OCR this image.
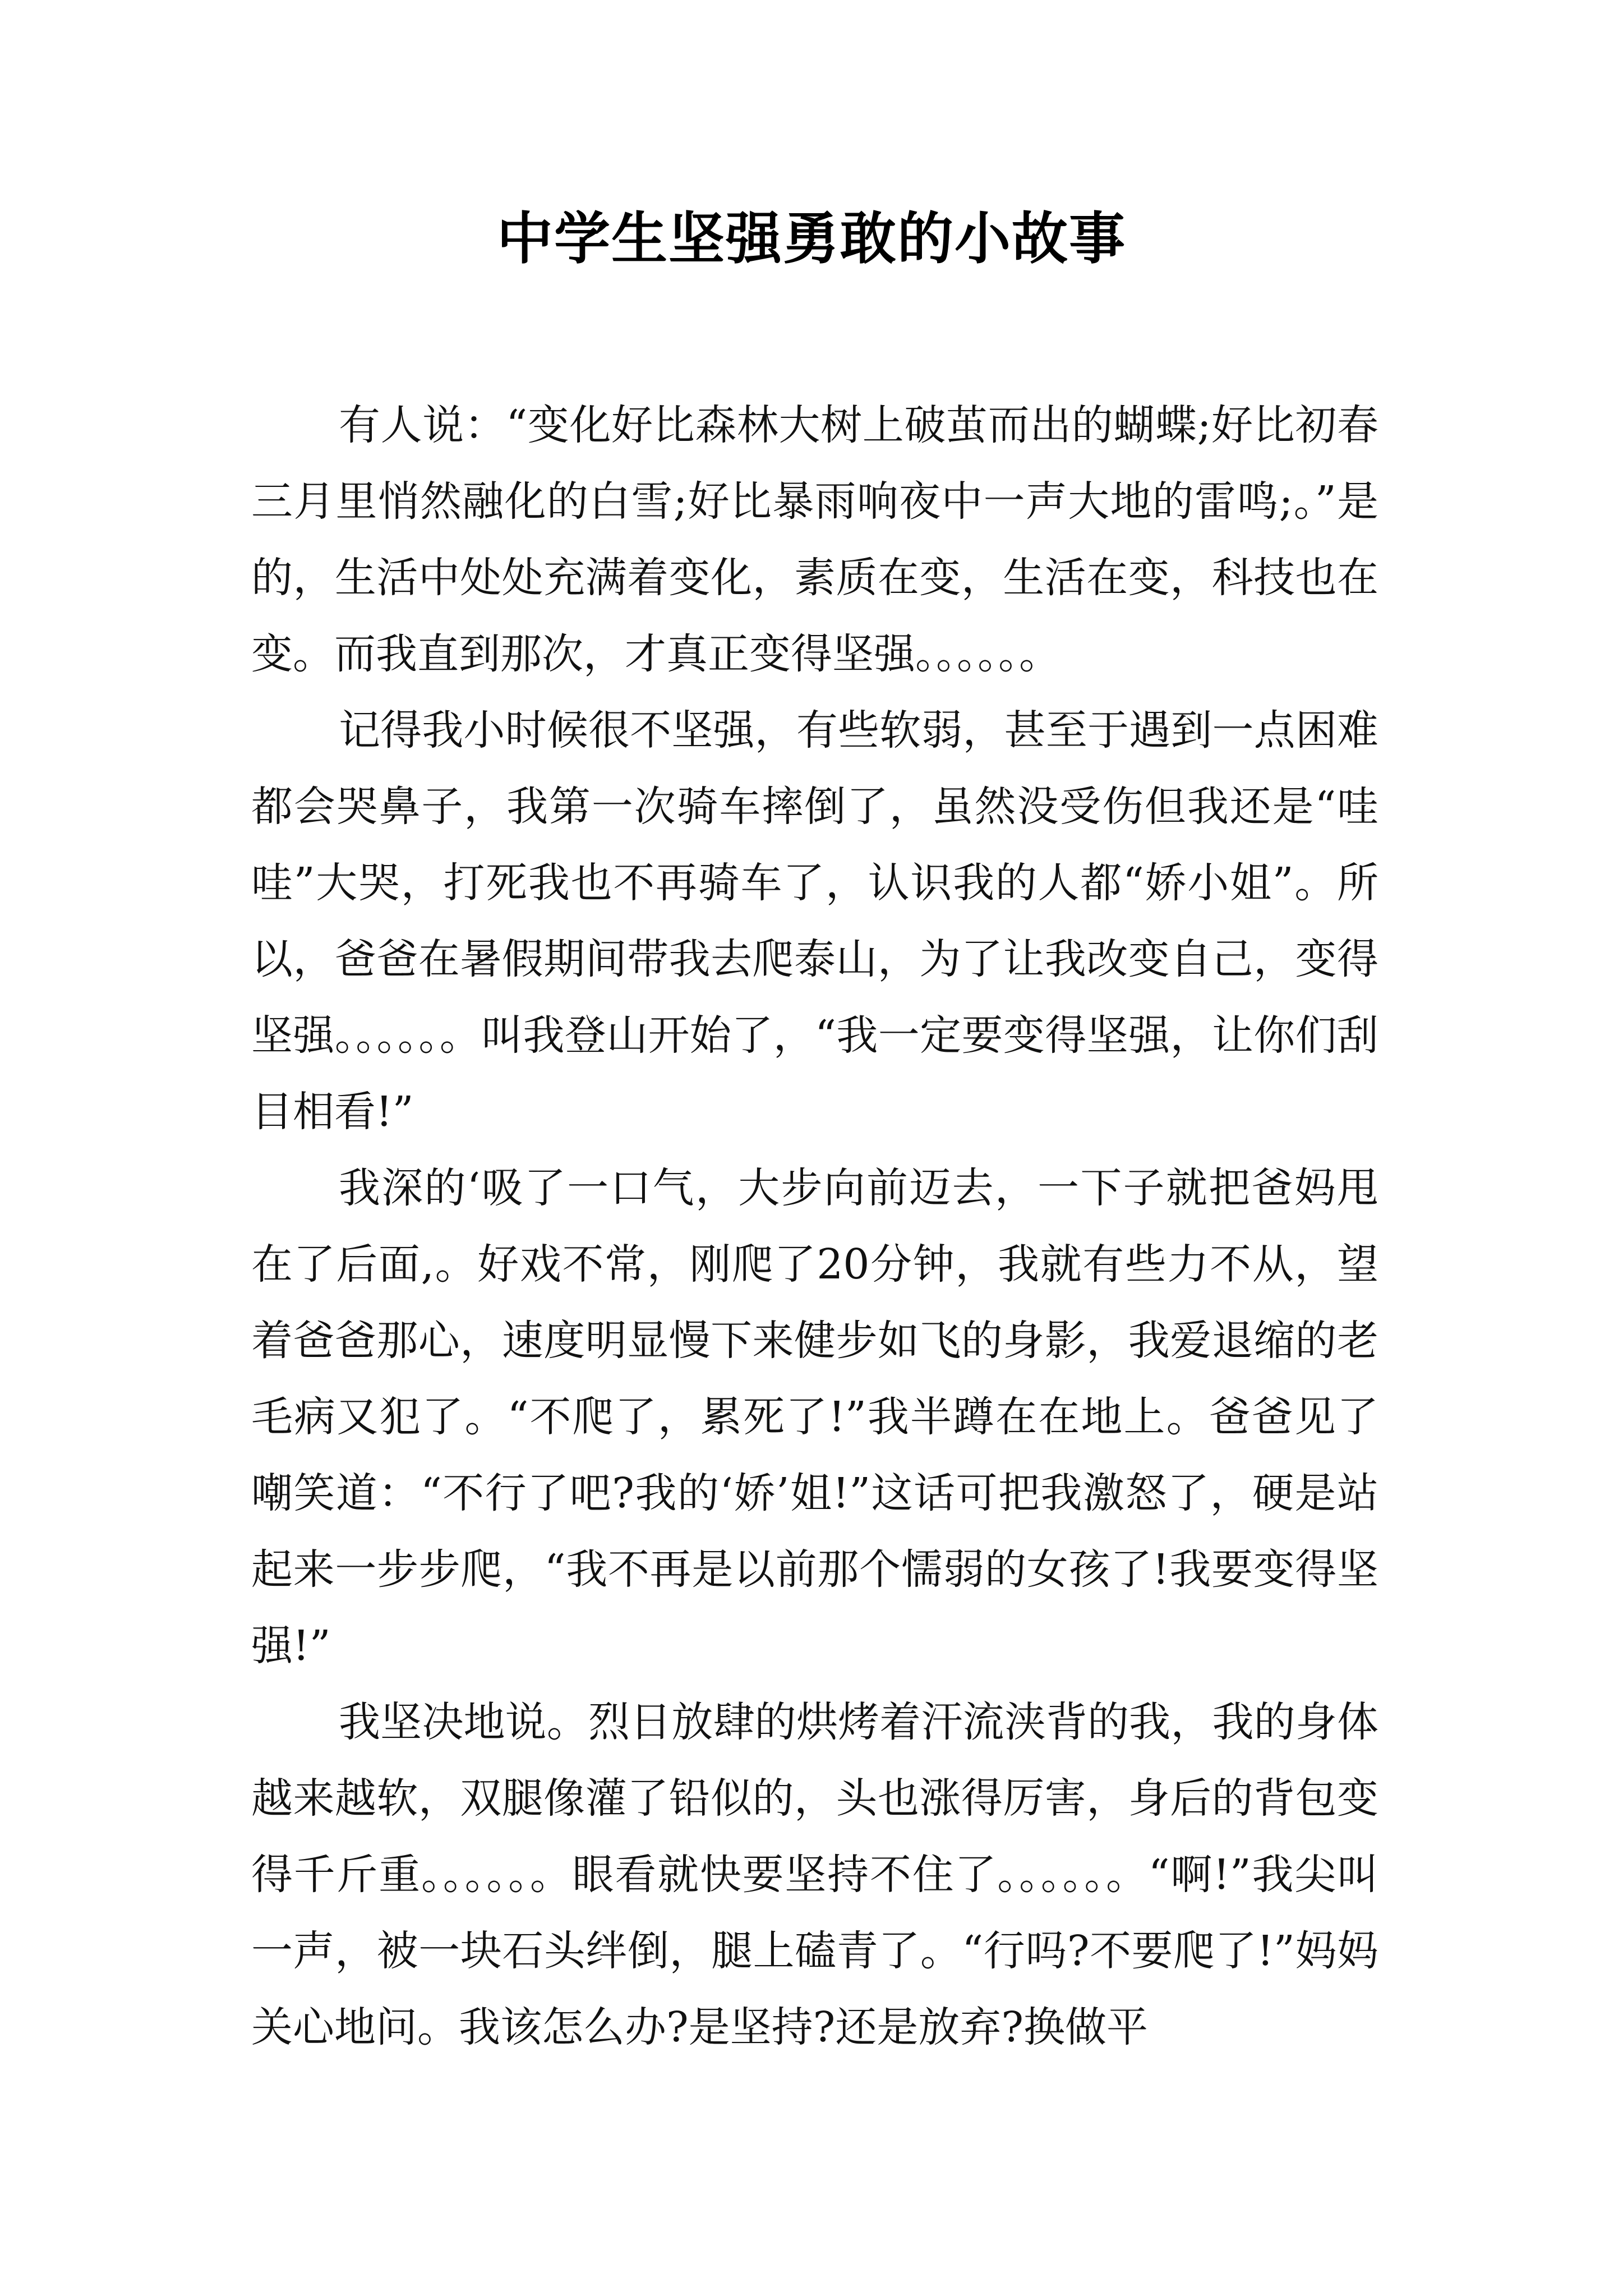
中学生坚强勇敢的小故事

有人说：“变化好比森林大树上破茧而出的蝴蝶;好比初春三月里悄然融化的白雪;好比暴雨响夜中一声大地的雷鸣;。”是的，生活中处处充满着变化，素质在变，生活在变，科技也在变。而我直到那次，才真正变得坚强。。。。。。

记得我小时候很不坚强，有些软弱，甚至于遇到一点困难都会哭鼻子，我第一次骑车摔倒了，虽然没受伤但我还是“哇哇”大哭，打死我也不再骑车了，认识我的人都“娇小姐”。所以，爸爸在暑假期间带我去爬泰山，为了让我改变自己，变得坚强。。。。。。叫我登山开始了，“我一定要变得坚强，让你们刮目相看!”

我深的‘吸了一口气，大步向前迈去，一下子就把爸妈甩在了后面,。好戏不常，刚爬了20分钟，我就有些力不从，望着爸爸那心，速度明显慢下来健步如飞的身影，我爱退缩的老毛病又犯了。“不爬了，累死了!”我半蹲在在地上。爸爸见了嘲笑道：“不行了吧?我的‘娇’姐!”这话可把我激怒了，硬是站起来一步步爬，“我不再是以前那个懦弱的女孩了!我要变得坚强!”

我坚决地说。烈日放肆的烘烤着汗流浃背的我，我的身体越来越软，双腿像灌了铅似的，头也涨得厉害，身后的背包变得千斤重。。。。。。眼看就快要坚持不住了。。。。。。“啊!”我尖叫一声，被一块石头绊倒，腿上磕青了。“行吗?不要爬了!”妈妈关心地问。我该怎么办?是坚持?还是放弃?换做平
